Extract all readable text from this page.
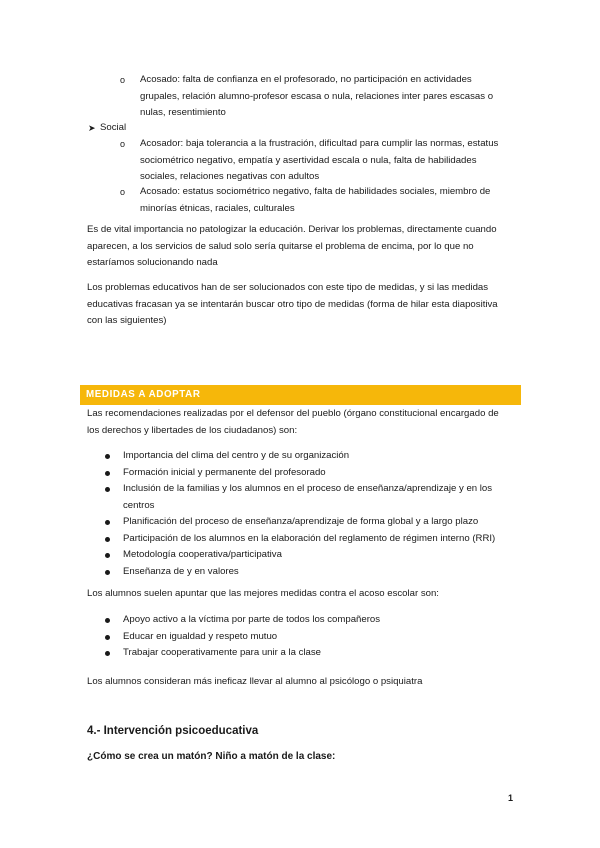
o Acosado: falta de confianza en el profesorado, no participación en actividades
grupales, relación alumno-profesor escasa o nula, relaciones inter pares escasas o
nulas, resentimiento
➤ Social
o Acosador: baja tolerancia a la frustración, dificultad para cumplir las normas, estatus
sociométrico negativo, empatía y asertividad escala o nula, falta de habilidades
sociales, relaciones negativas con adultos
o Acosado: estatus sociométrico negativo, falta de habilidades sociales, miembro de
minorías étnicas, raciales, culturales
Es de vital importancia no patologizar la educación. Derivar los problemas, directamente cuando
aparecen, a los servicios de salud solo sería quitarse el problema de encima, por lo que no
estaríamos solucionando nada
Los problemas educativos han de ser solucionados con este tipo de medidas, y si las medidas
educativas fracasan ya se intentarán buscar otro tipo de medidas (forma de hilar esta diapositiva
con las siguientes)
MEDIDAS A ADOPTAR
Las recomendaciones realizadas por el defensor del pueblo (órgano constitucional encargado de
los derechos y libertades de los ciudadanos) son:
Importancia del clima del centro y de su organización
Formación inicial y permanente del profesorado
Inclusión de la familias y los alumnos en el proceso de enseñanza/aprendizaje y en los
centros
Planificación del proceso de enseñanza/aprendizaje de forma global y a largo plazo
Participación de los alumnos en la elaboración del reglamento de régimen interno (RRI)
Metodología cooperativa/participativa
Enseñanza de y en valores
Los alumnos suelen apuntar que las mejores medidas contra el acoso escolar son:
Apoyo activo a la víctima por parte de todos los compañeros
Educar en igualdad y respeto mutuo
Trabajar cooperativamente para unir a la clase
Los alumnos consideran más ineficaz llevar al alumno al psicólogo o psiquiatra
4.- Intervención psicoeducativa
¿Cómo se crea un matón? Niño a matón de la clase:
1
